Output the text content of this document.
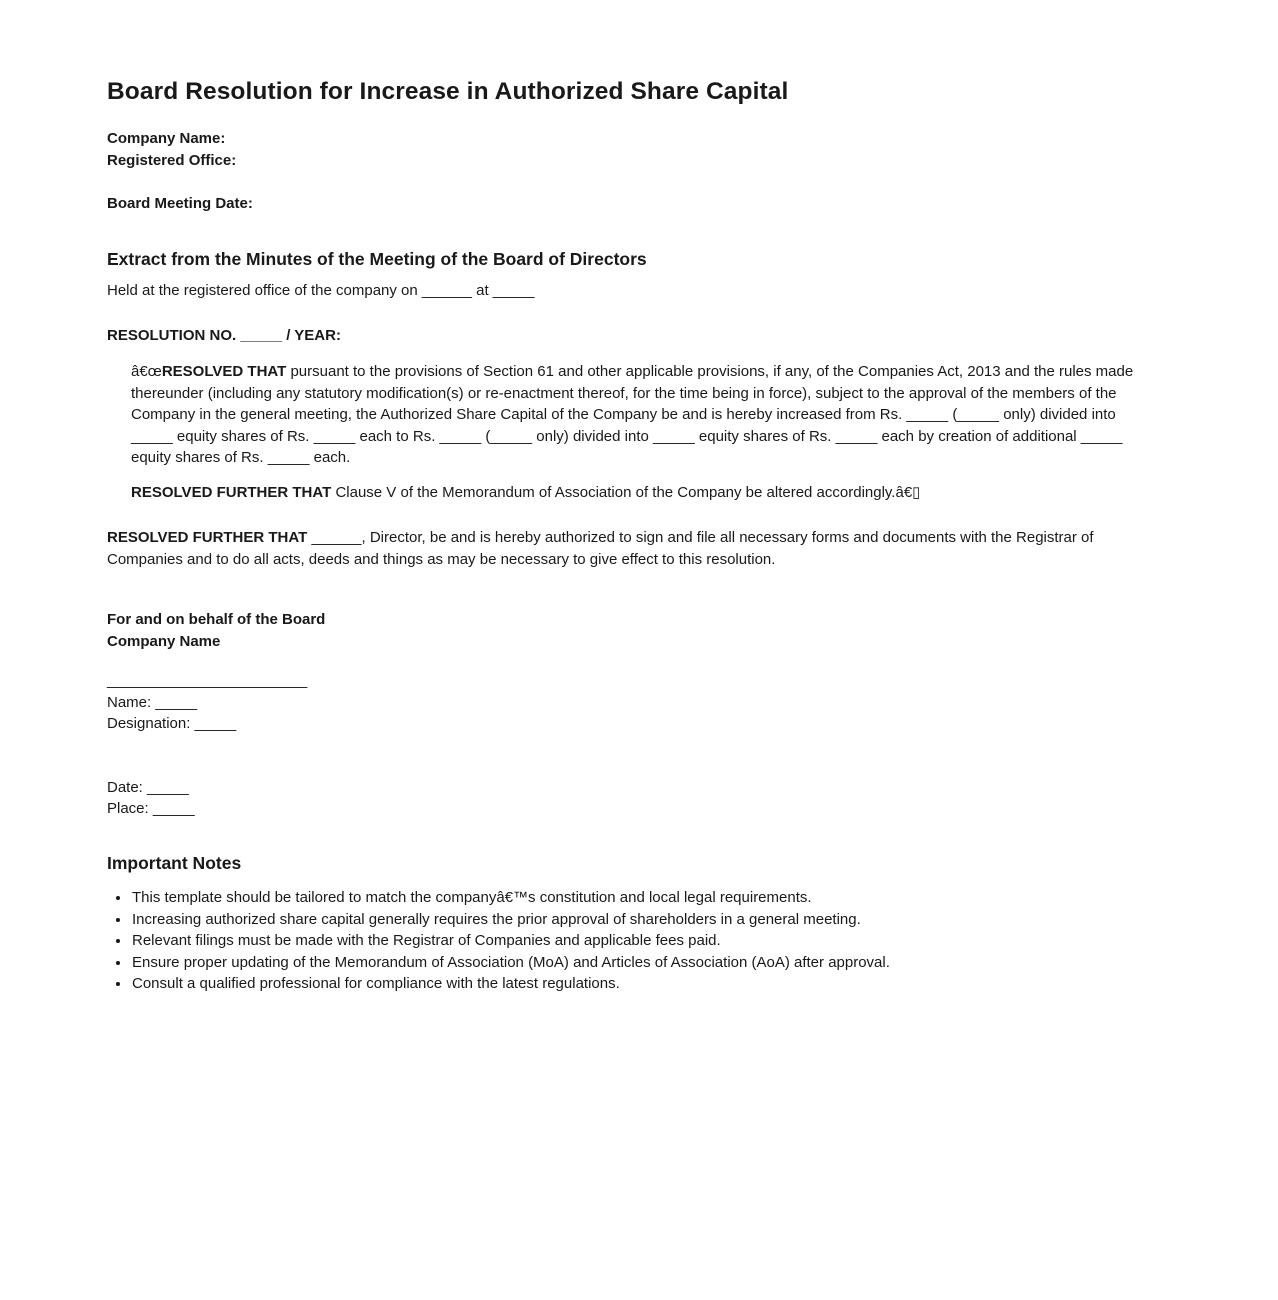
Board Resolution for Increase in Authorized Share Capital

Company Name:

Registered Office:

Board Meeting Date:

Extract from the Minutes of the Meeting of the Board of Directors

Held at the registered office of the company on ______ at _____

RESOLUTION NO. _____ / YEAR:

â€œRESOLVED THAT pursuant to the provisions of Section 61 and other applicable provisions, if any, of the Companies Act, 2013 and the rules made thereunder (including any statutory modification(s) or re-enactment thereof, for the time being in force), subject to the approval of the members of the Company in the general meeting, the Authorized Share Capital of the Company be and is hereby increased from Rs. _____ (_____ only) divided into _____ equity shares of Rs. _____ each to Rs. _____ (_____ only) divided into _____ equity shares of Rs. _____ each by creation of additional _____ equity shares of Rs. _____ each.

RESOLVED FURTHER THAT Clause V of the Memorandum of Association of the Company be altered accordingly.â€▯

RESOLVED FURTHER THAT ______, Director, be and is hereby authorized to sign and file all necessary forms and documents with the Registrar of Companies and to do all acts, deeds and things as may be necessary to give effect to this resolution.

For and on behalf of the Board

Company Name

________________________

Name: _____

Designation: _____

Date: _____

Place: _____

Important Notes
• This template should be tailored to match the companyâ€™s constitution and local legal requirements.
• Increasing authorized share capital generally requires the prior approval of shareholders in a general meeting.
• Relevant filings must be made with the Registrar of Companies and applicable fees paid.
• Ensure proper updating of the Memorandum of Association (MoA) and Articles of Association (AoA) after approval.
• Consult a qualified professional for compliance with the latest regulations.
